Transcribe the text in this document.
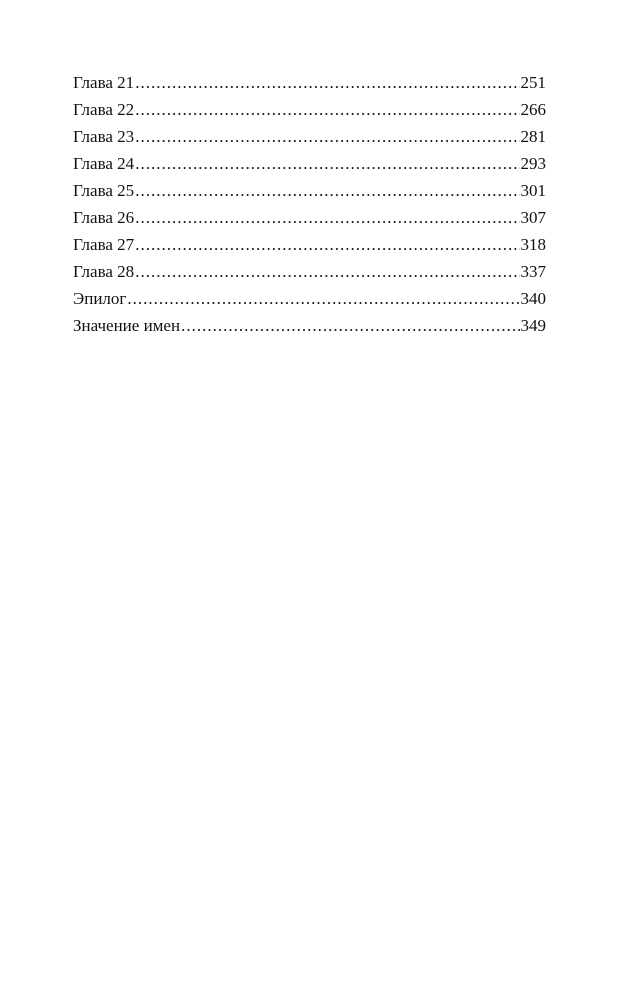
Глава 21 .....	251
Глава 22 .....	266
Глава 23 .....	281
Глава 24 .....	293
Глава 25 .....	301
Глава 26 .....	307
Глава 27 .....	318
Глава 28 .....	337
Эпилог .....	340
Значение имен .....	349
